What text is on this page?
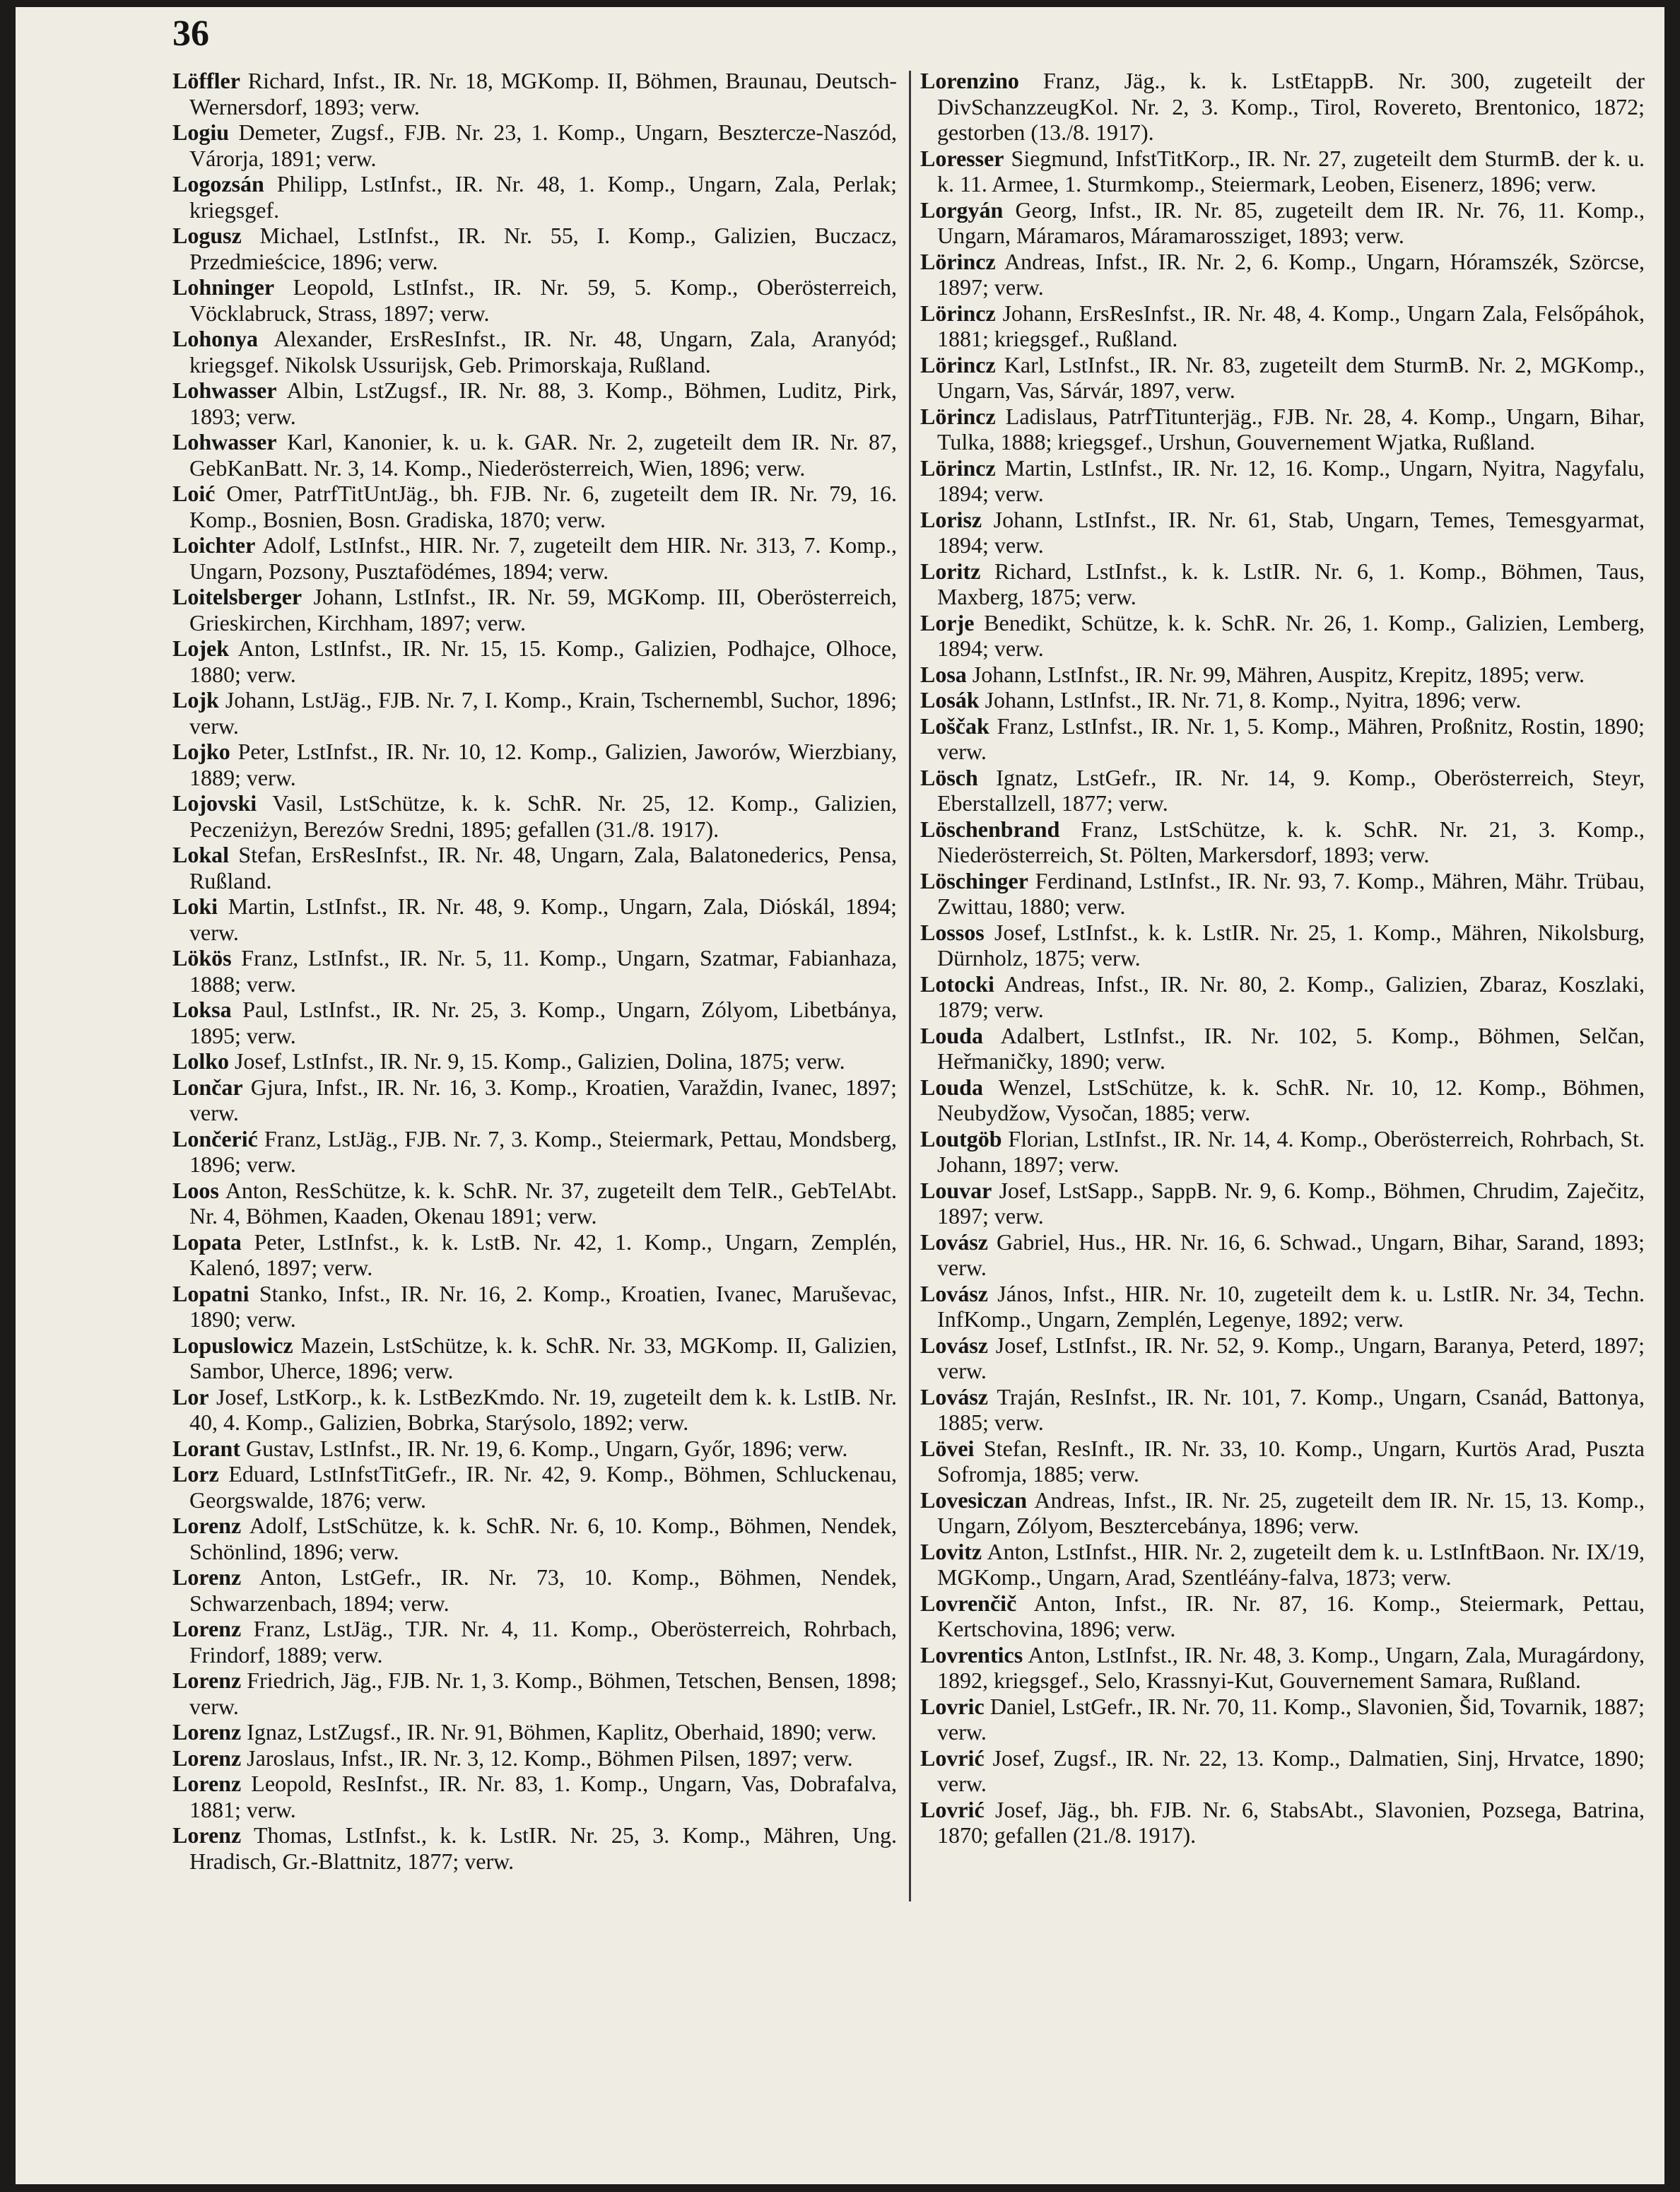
36

Löffler Richard, Infst., IR. Nr. 18, MGKomp. II, Böhmen, Braunau, Deutsch-Wernersdorf, 1893; verw.

Logiu Demeter, Zugsf., FJB. Nr. 23, 1. Komp., Ungarn, Besztercze-Naszód, Várorja, 1891; verw.

Logozsán Philipp, LstInfst., IR. Nr. 48, 1. Komp., Ungarn, Zala, Perlak; kriegsgef.

Logusz Michael, LstInfst., IR. Nr. 55, I. Komp., Galizien, Buczacz, Przedmieścice, 1896; verw.

Lohninger Leopold, LstInfst., IR. Nr. 59, 5. Komp., Oberösterreich, Vöcklabruck, Strass, 1897; verw.

Lohonya Alexander, ErsResInfst., IR. Nr. 48, Ungarn, Zala, Aranyód; kriegsgef. Nikolsk Ussurijsk, Geb. Primorskaja, Rußland.

Lohwasser Albin, LstZugsf., IR. Nr. 88, 3. Komp., Böhmen, Luditz, Pirk, 1893; verw.

Lohwasser Karl, Kanonier, k. u. k. GAR. Nr. 2, zugeteilt dem IR. Nr. 87, GebKanBatt. Nr. 3, 14. Komp., Niederösterreich, Wien, 1896; verw.

Loić Omer, PatrfTitUntJäg., bh. FJB. Nr. 6, zugeteilt dem IR. Nr. 79, 16. Komp., Bosnien, Bosn. Gradiska, 1870; verw.

Loichter Adolf, LstInfst., HIR. Nr. 7, zugeteilt dem HIR. Nr. 313, 7. Komp., Ungarn, Pozsony, Pusztafödémes, 1894; verw.

Loitelsberger Johann, LstInfst., IR. Nr. 59, MGKomp. III, Oberösterreich, Grieskirchen, Kirchham, 1897; verw.

Lojek Anton, LstInfst., IR. Nr. 15, 15. Komp., Galizien, Podhajce, Olhoce, 1880; verw.

Lojk Johann, LstJäg., FJB. Nr. 7, I. Komp., Krain, Tschernembl, Suchor, 1896; verw.

Lojko Peter, LstInfst., IR. Nr. 10, 12. Komp., Galizien, Jaworów, Wierzbiany, 1889; verw.

Lojovski Vasil, LstSchütze, k. k. SchR. Nr. 25, 12. Komp., Galizien, Peczeniżyn, Berezów Sredni, 1895; gefallen (31./8. 1917).

Lokal Stefan, ErsResInfst., IR. Nr. 48, Ungarn, Zala, Balatonederics, Pensa, Rußland.

Loki Martin, LstInfst., IR. Nr. 48, 9. Komp., Ungarn, Zala, Dióskál, 1894; verw.

Lökös Franz, LstInfst., IR. Nr. 5, 11. Komp., Ungarn, Szatmar, Fabianhaza, 1888; verw.

Loksa Paul, LstInfst., IR. Nr. 25, 3. Komp., Ungarn, Zólyom, Libetbánya, 1895; verw.

Lolko Josef, LstInfst., IR. Nr. 9, 15. Komp., Galizien, Dolina, 1875; verw.

Lončar Gjura, Infst., IR. Nr. 16, 3. Komp., Kroatien, Varaždin, Ivanec, 1897; verw.

Lončerić Franz, LstJäg., FJB. Nr. 7, 3. Komp., Steiermark, Pettau, Mondsberg, 1896; verw.

Loos Anton, ResSchütze, k. k. SchR. Nr. 37, zugeteilt dem TelR., GebTelAbt. Nr. 4, Böhmen, Kaaden, Okenau 1891; verw.

Lopata Peter, LstInfst., k. k. LstB. Nr. 42, 1. Komp., Ungarn, Zemplén, Kalenó, 1897; verw.

Lopatni Stanko, Infst., IR. Nr. 16, 2. Komp., Kroatien, Ivanec, Maruševac, 1890; verw.

Lopuslowicz Mazein, LstSchütze, k. k. SchR. Nr. 33, MGKomp. II, Galizien, Sambor, Uherce, 1896; verw.

Lor Josef, LstKorp., k. k. LstBezKmdo. Nr. 19, zugeteilt dem k. k. LstIB. Nr. 40, 4. Komp., Galizien, Bobrka, Starýsolo, 1892; verw.

Lorant Gustav, LstInfst., IR. Nr. 19, 6. Komp., Ungarn, Győr, 1896; verw.

Lorz Eduard, LstInfstTitGefr., IR. Nr. 42, 9. Komp., Böhmen, Schluckenau, Georgswalde, 1876; verw.

Lorenz Adolf, LstSchütze, k. k. SchR. Nr. 6, 10. Komp., Böhmen, Nendek, Schönlind, 1896; verw.

Lorenz Anton, LstGefr., IR. Nr. 73, 10. Komp., Böhmen, Nendek, Schwarzenbach, 1894; verw.

Lorenz Franz, LstJäg., TJR. Nr. 4, 11. Komp., Oberösterreich, Rohrbach, Frindorf, 1889; verw.

Lorenz Friedrich, Jäg., FJB. Nr. 1, 3. Komp., Böhmen, Tetschen, Bensen, 1898; verw.

Lorenz Ignaz, LstZugsf., IR. Nr. 91, Böhmen, Kaplitz, Oberhaid, 1890; verw.

Lorenz Jaroslaus, Infst., IR. Nr. 3, 12. Komp., Böhmen Pilsen, 1897; verw.

Lorenz Leopold, ResInfst., IR. Nr. 83, 1. Komp., Ungarn, Vas, Dobrafalva, 1881; verw.

Lorenz Thomas, LstInfst., k. k. LstIR. Nr. 25, 3. Komp., Mähren, Ung. Hradisch, Gr.-Blattnitz, 1877; verw.

Lorenzino Franz, Jäg., k. k. LstEtappB. Nr. 300, zugeteilt der DivSchanzzeugKol. Nr. 2, 3. Komp., Tirol, Rovereto, Brentonico, 1872; gestorben (13./8. 1917).

Loresser Siegmund, InfstTitKorp., IR. Nr. 27, zugeteilt dem SturmB. der k. u. k. 11. Armee, 1. Sturmkomp., Steiermark, Leoben, Eisenerz, 1896; verw.

Lorgyán Georg, Infst., IR. Nr. 85, zugeteilt dem IR. Nr. 76, 11. Komp., Ungarn, Máramaros, Máramarossziget, 1893; verw.

Lörincz Andreas, Infst., IR. Nr. 2, 6. Komp., Ungarn, Hóramszék, Szörcse, 1897; verw.

Lörincz Johann, ErsResInfst., IR. Nr. 48, 4. Komp., Ungarn Zala, Felsőpáhok, 1881; kriegsgef., Rußland.

Lörincz Karl, LstInfst., IR. Nr. 83, zugeteilt dem SturmB. Nr. 2, MGKomp., Ungarn, Vas, Sárvár, 1897, verw.

Lörincz Ladislaus, PatrfTitunterjäg., FJB. Nr. 28, 4. Komp., Ungarn, Bihar, Tulka, 1888; kriegsgef., Urshun, Gouvernement Wjatka, Rußland.

Lörincz Martin, LstInfst., IR. Nr. 12, 16. Komp., Ungarn, Nyitra, Nagyfalu, 1894; verw.

Lorisz Johann, LstInfst., IR. Nr. 61, Stab, Ungarn, Temes, Temesgyarmat, 1894; verw.

Loritz Richard, LstInfst., k. k. LstIR. Nr. 6, 1. Komp., Böhmen, Taus, Maxberg, 1875; verw.

Lorje Benedikt, Schütze, k. k. SchR. Nr. 26, 1. Komp., Galizien, Lemberg, 1894; verw.

Losa Johann, LstInfst., IR. Nr. 99, Mähren, Auspitz, Krepitz, 1895; verw.

Losák Johann, LstInfst., IR. Nr. 71, 8. Komp., Nyitra, 1896; verw.

Loščak Franz, LstInfst., IR. Nr. 1, 5. Komp., Mähren, Proßnitz, Rostin, 1890; verw.

Lösch Ignatz, LstGefr., IR. Nr. 14, 9. Komp., Oberösterreich, Steyr, Eberstallzell, 1877; verw.

Löschenbrand Franz, LstSchütze, k. k. SchR. Nr. 21, 3. Komp., Niederösterreich, St. Pölten, Markersdorf, 1893; verw.

Löschinger Ferdinand, LstInfst., IR. Nr. 93, 7. Komp., Mähren, Mähr. Trübau, Zwittau, 1880; verw.

Lossos Josef, LstInfst., k. k. LstIR. Nr. 25, 1. Komp., Mähren, Nikolsburg, Dürnholz, 1875; verw.

Lotocki Andreas, Infst., IR. Nr. 80, 2. Komp., Galizien, Zbaraz, Koszlaki, 1879; verw.

Louda Adalbert, LstInfst., IR. Nr. 102, 5. Komp., Böhmen, Selčan, Heřmaničky, 1890; verw.

Louda Wenzel, LstSchütze, k. k. SchR. Nr. 10, 12. Komp., Böhmen, Neubydžow, Vysočan, 1885; verw.

Loutgöb Florian, LstInfst., IR. Nr. 14, 4. Komp., Oberösterreich, Rohrbach, St. Johann, 1897; verw.

Louvar Josef, LstSapp., SappB. Nr. 9, 6. Komp., Böhmen, Chrudim, Zaječitz, 1897; verw.

Lovász Gabriel, Hus., HR. Nr. 16, 6. Schwad., Ungarn, Bihar, Sarand, 1893; verw.

Lovász János, Infst., HIR. Nr. 10, zugeteilt dem k. u. LstIR. Nr. 34, Techn. InfKomp., Ungarn, Zemplén, Legenye, 1892; verw.

Lovász Josef, LstInfst., IR. Nr. 52, 9. Komp., Ungarn, Baranya, Peterd, 1897; verw.

Lovász Traján, ResInfst., IR. Nr. 101, 7. Komp., Ungarn, Csanád, Battonya, 1885; verw.

Lövei Stefan, ResInft., IR. Nr. 33, 10. Komp., Ungarn, Kurtös Arad, Puszta Sofromja, 1885; verw.

Lovesiczan Andreas, Infst., IR. Nr. 25, zugeteilt dem IR. Nr. 15, 13. Komp., Ungarn, Zólyom, Besztercebánya, 1896; verw.

Lovitz Anton, LstInfst., HIR. Nr. 2, zugeteilt dem k. u. LstInftBaon. Nr. IX/19, MGKomp., Ungarn, Arad, Szentléány-falva, 1873; verw.

Lovrenčič Anton, Infst., IR. Nr. 87, 16. Komp., Steiermark, Pettau, Kertschovina, 1896; verw.

Lovrentics Anton, LstInfst., IR. Nr. 48, 3. Komp., Ungarn, Zala, Muragárdony, 1892, kriegsgef., Selo, Krassnyi-Kut, Gouvernement Samara, Rußland.

Lovric Daniel, LstGefr., IR. Nr. 70, 11. Komp., Slavonien, Šid, Tovarnik, 1887; verw.

Lovrić Josef, Zugsf., IR. Nr. 22, 13. Komp., Dalmatien, Sinj, Hrvatce, 1890; verw.

Lovrić Josef, Jäg., bh. FJB. Nr. 6, StabsAbt., Slavonien, Pozsega, Batrina, 1870; gefallen (21./8. 1917).
